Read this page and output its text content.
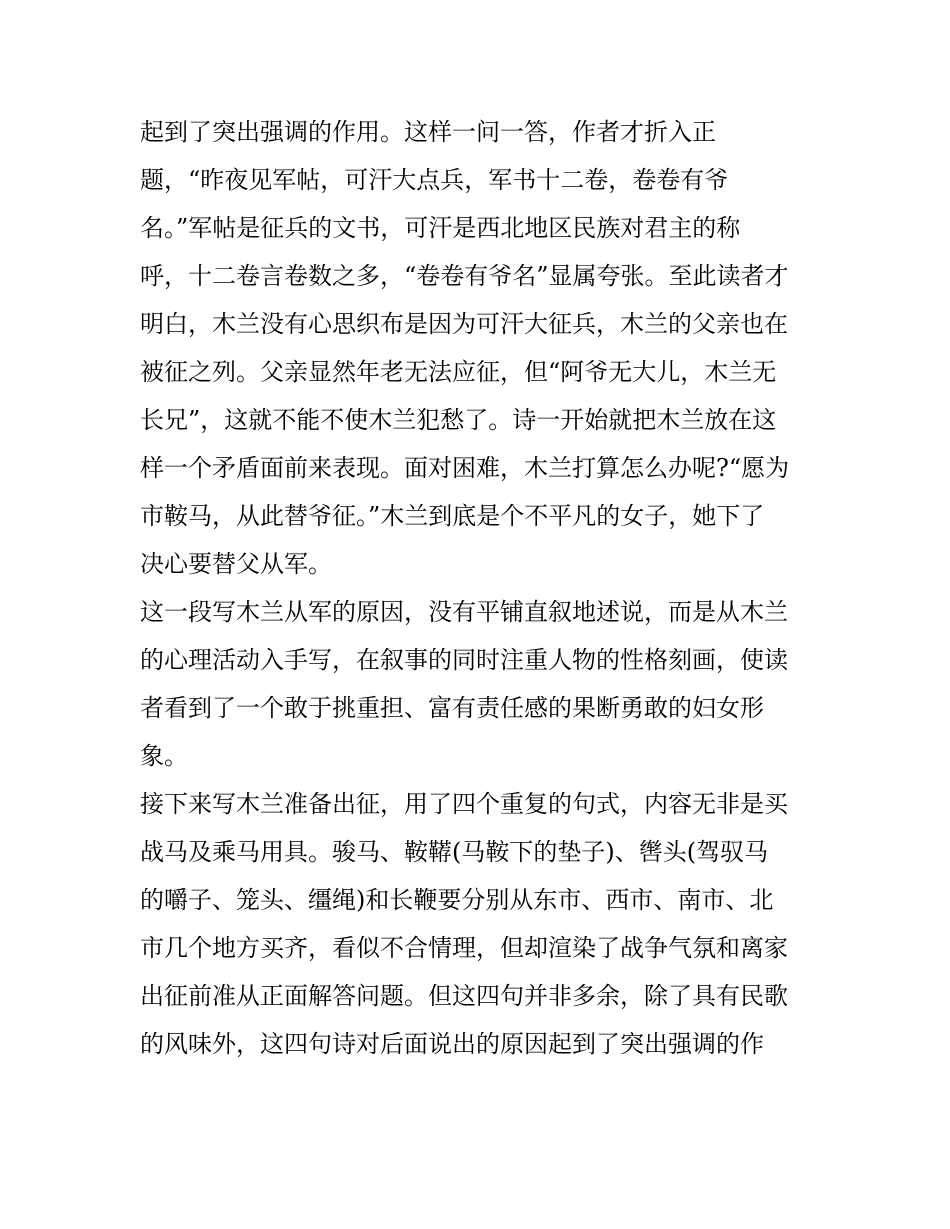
起到了突出强调的作用。这样一问一答，作者才折入正
题，“昨夜见军帖，可汗大点兵，军书十二卷，卷卷有爷
名。”军帖是征兵的文书，可汗是西北地区民族对君主的称
呼，十二卷言卷数之多，“卷卷有爷名”显属夸张。至此读者才
明白，木兰没有心思织布是因为可汗大征兵，木兰的父亲也在
被征之列。父亲显然年老无法应征，但“阿爷无大儿，木兰无
长兄”，这就不能不使木兰犯愁了。诗一开始就把木兰放在这
样一个矛盾面前来表现。面对困难，木兰打算怎么办呢?“愿为
市鞍马，从此替爷征。”木兰到底是个不平凡的女子，她下了
决心要替父从军。
这一段写木兰从军的原因，没有平铺直叙地述说，而是从木兰
的心理活动入手写，在叙事的同时注重人物的性格刻画，使读
者看到了一个敢于挑重担、富有责任感的果断勇敢的妇女形
象。
接下来写木兰准备出征，用了四个重复的句式，内容无非是买
战马及乘马用具。骏马、鞍鞯(马鞍下的垫子)、辔头(驾驭马
的嚼子、笼头、缰绳)和长鞭要分别从东市、西市、南市、北
市几个地方买齐，看似不合情理，但却渲染了战争气氛和离家
出征前准从正面解答问题。但这四句并非多余，除了具有民歌
的风味外，这四句诗对后面说出的原因起到了突出强调的作
